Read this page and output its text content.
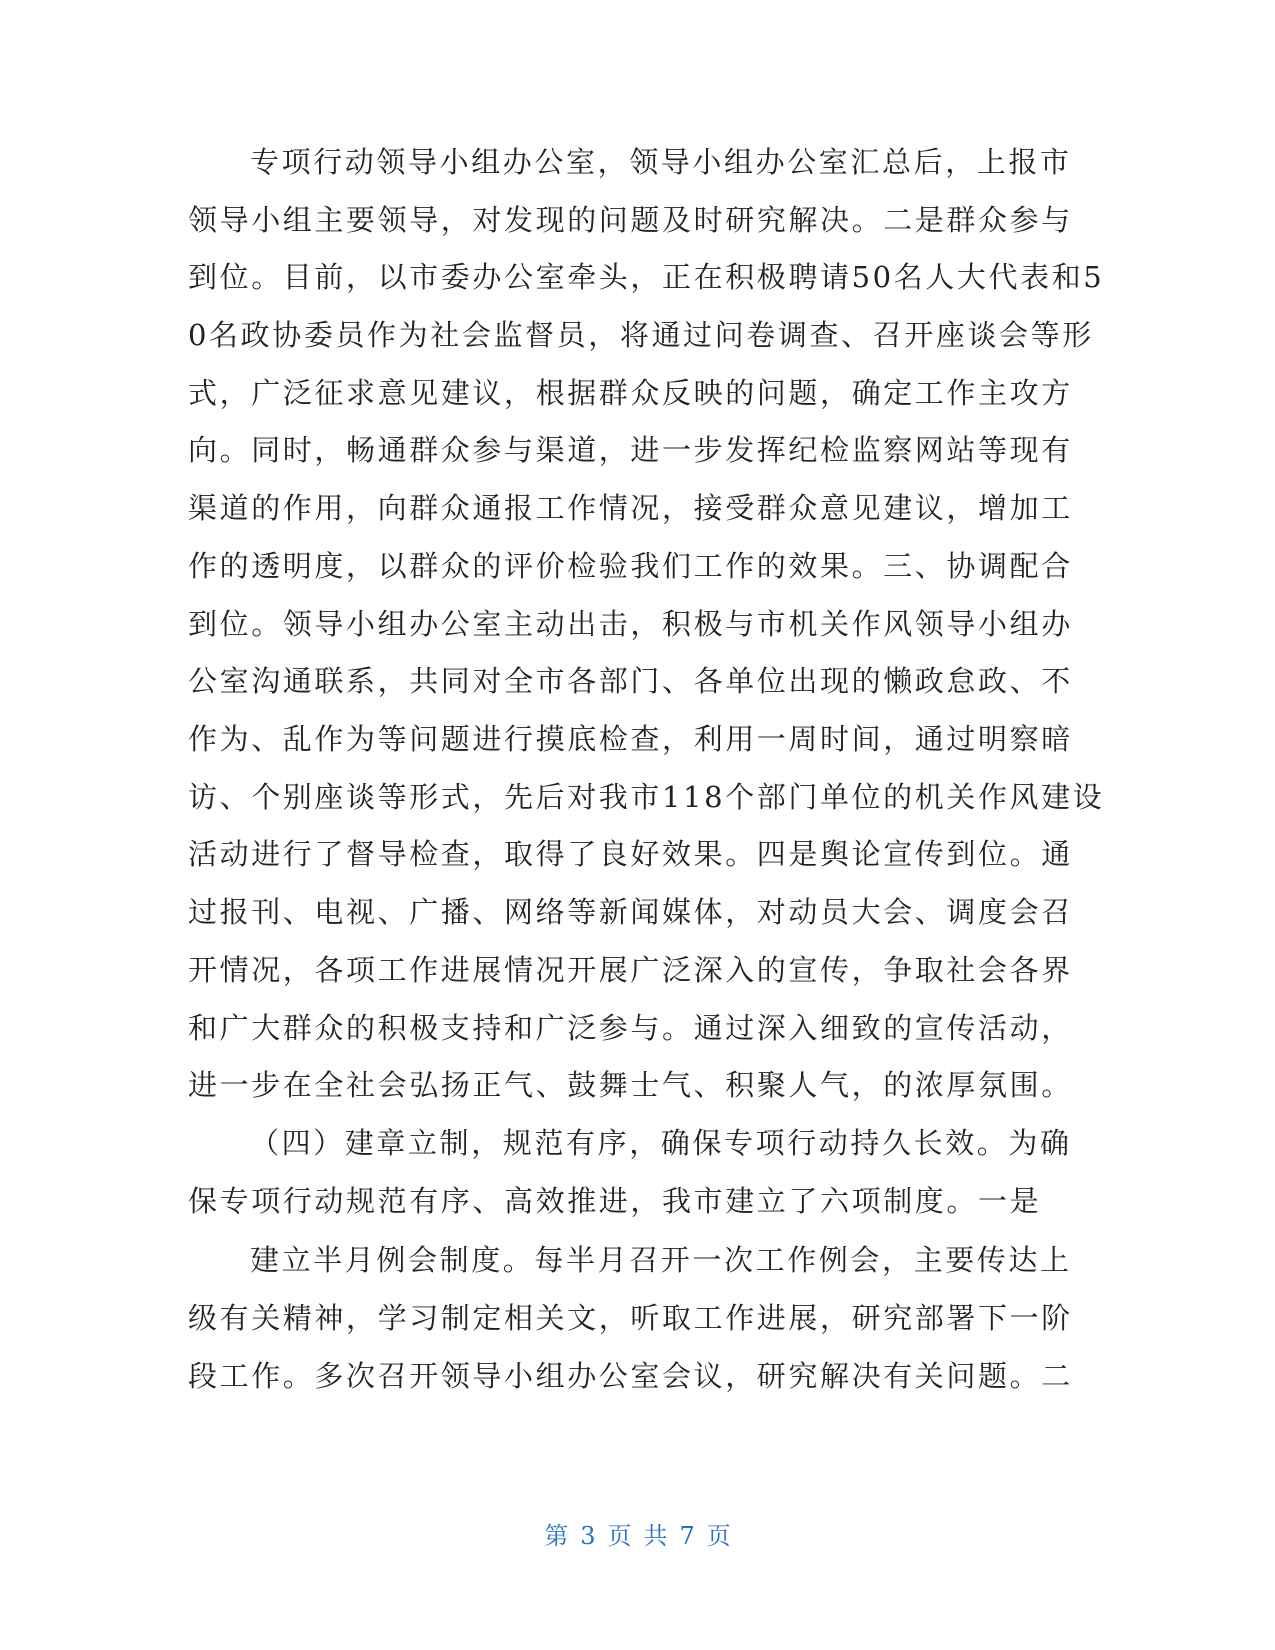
专项行动领导小组办公室，领导小组办公室汇总后，上报市
领导小组主要领导，对发现的问题及时研究解决。二是群众参与
到位。目前，以市委办公室牵头，正在积极聘请50名人大代表和5
0名政协委员作为社会监督员，将通过问卷调查、召开座谈会等形
式，广泛征求意见建议，根据群众反映的问题，确定工作主攻方
向。同时，畅通群众参与渠道，进一步发挥纪检监察网站等现有
渠道的作用，向群众通报工作情况，接受群众意见建议，增加工
作的透明度，以群众的评价检验我们工作的效果。三、协调配合
到位。领导小组办公室主动出击，积极与市机关作风领导小组办
公室沟通联系，共同对全市各部门、各单位出现的懒政怠政、不
作为、乱作为等问题进行摸底检查，利用一周时间，通过明察暗
访、个别座谈等形式，先后对我市118个部门单位的机关作风建设
活动进行了督导检查，取得了良好效果。四是舆论宣传到位。通
过报刊、电视、广播、网络等新闻媒体，对动员大会、调度会召
开情况，各项工作进展情况开展广泛深入的宣传，争取社会各界
和广大群众的积极支持和广泛参与。通过深入细致的宣传活动，
进一步在全社会弘扬正气、鼓舞士气、积聚人气，的浓厚氛围。
（四）建章立制，规范有序，确保专项行动持久长效。为确
保专项行动规范有序、高效推进，我市建立了六项制度。一是
建立半月例会制度。每半月召开一次工作例会，主要传达上
级有关精神，学习制定相关文，听取工作进展，研究部署下一阶
段工作。多次召开领导小组办公室会议，研究解决有关问题。二
第 3 页 共 7 页
